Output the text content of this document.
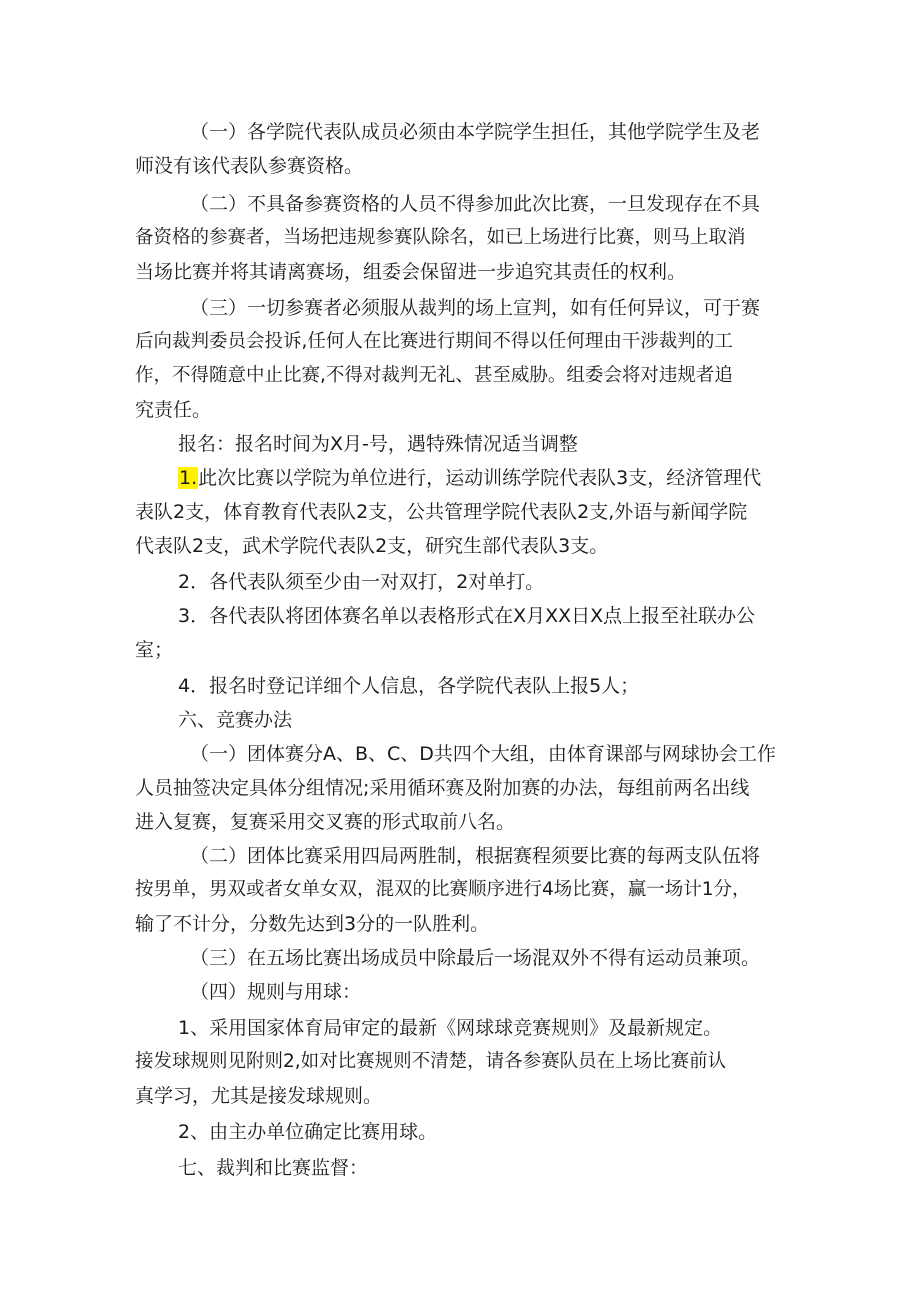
（一）各学院代表队成员必须由本学院学生担任，其他学院学生及老
师没有该代表队参赛资格。
（二）不具备参赛资格的人员不得参加此次比赛，一旦发现存在不具
备资格的参赛者，当场把违规参赛队除名，如已上场进行比赛，则马上取消
当场比赛并将其请离赛场，组委会保留进一步追究其责任的权利。
（三）一切参赛者必须服从裁判的场上宣判，如有任何异议，可于赛
后向裁判委员会投诉,任何人在比赛进行期间不得以任何理由干涉裁判的工
作，不得随意中止比赛,不得对裁判无礼、甚至威胁。组委会将对违规者追
究责任。
报名：报名时间为X月-号，遇特殊情况适当调整
1.此次比赛以学院为单位进行，运动训练学院代表队3支，经济管理代
表队2支，体育教育代表队2支，公共管理学院代表队2支,外语与新闻学院
代表队2支，武术学院代表队2支，研究生部代表队3支。
2．各代表队须至少由一对双打，2对单打。
3．各代表队将团体赛名单以表格形式在X月XX日X点上报至社联办公
室；
4．报名时登记详细个人信息，各学院代表队上报5人；
六、竞赛办法
（一）团体赛分A、B、C、D共四个大组，由体育课部与网球协会工作
人员抽签决定具体分组情况;采用循环赛及附加赛的办法，每组前两名出线
进入复赛，复赛采用交叉赛的形式取前八名。
（二）团体比赛采用四局两胜制，根据赛程须要比赛的每两支队伍将
按男单，男双或者女单女双，混双的比赛顺序进行4场比赛，赢一场计1分，
输了不计分，分数先达到3分的一队胜利。
（三）在五场比赛出场成员中除最后一场混双外不得有运动员兼项。
（四）规则与用球：
1、采用国家体育局审定的最新《网球球竞赛规则》及最新规定。
接发球规则见附则2,如对比赛规则不清楚，请各参赛队员在上场比赛前认
真学习，尤其是接发球规则。
2、由主办单位确定比赛用球。
七、裁判和比赛监督：
